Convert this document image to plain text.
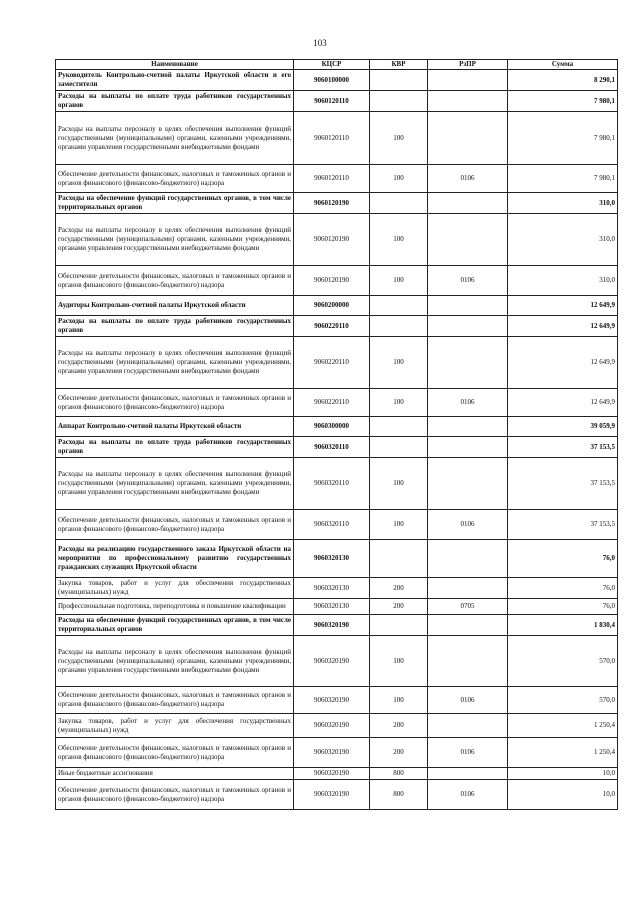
103
Наименование	КЦСР	КВР	РзПР	Сумма
Руководитель Контрольно-счетной палаты Иркутской области и его заместители	9060100000			8 290,1
Расходы на выплаты по оплате труда работников государственных органов	9060120110			7 980,1
Расходы на выплаты персоналу в целях обеспечения выполнения функций государственными (муниципальными) органами, казенными учреждениями, органами управления государственными внебюджетными фондами	9060120110	100		7 980,1
Обеспечение деятельности финансовых, налоговых и таможенных органов и органов финансового (финансово-бюджетного) надзора	9060120110	100	0106	7 980,1
Расходы на обеспечение функций государственных органов, в том числе территориальных органов	9060120190			310,0
Расходы на выплаты персоналу в целях обеспечения выполнения функций государственными (муниципальными) органами, казенными учреждениями, органами управления государственными внебюджетными фондами	9060120190	100		310,0
Обеспечение деятельности финансовых, налоговых и таможенных органов и органов финансового (финансово-бюджетного) надзора	9060120190	100	0106	310,0
Аудиторы Контрольно-счетной палаты Иркутской области	9060200000			12 649,9
Расходы на выплаты по оплате труда работников государственных органов	9060220110			12 649,9
Расходы на выплаты персоналу в целях обеспечения выполнения функций государственными (муниципальными) органами, казенными учреждениями, органами управления государственными внебюджетными фондами	9060220110	100		12 649,9
Обеспечение деятельности финансовых, налоговых и таможенных органов и органов финансового (финансово-бюджетного) надзора	9060220110	100	0106	12 649,9
Аппарат Контрольно-счетной палаты Иркутской области	9060300000			39 059,9
Расходы на выплаты по оплате труда работников государственных органов	9060320110			37 153,5
Расходы на выплаты персоналу в целях обеспечения выполнения функций государственными (муниципальными) органами, казенными учреждениями, органами управления государственными внебюджетными фондами	9060320110	100		37 153,5
Обеспечение деятельности финансовых, налоговых и таможенных органов и органов финансового (финансово-бюджетного) надзора	9060320110	100	0106	37 153,5
Расходы на реализацию государственного заказа Иркутской области на мероприятия по профессиональному развитию государственных гражданских служащих Иркутской области	9060320130			76,0
Закупка товаров, работ и услуг для обеспечения государственных (муниципальных) нужд	9060320130	200		76,0
Профессиональная подготовка, переподготовка и повышение квалификации	9060320130	200	0705	76,0
Расходы на обеспечение функций государственных органов, в том числе территориальных органов	9060320190			1 830,4
Расходы на выплаты персоналу в целях обеспечения выполнения функций государственными (муниципальными) органами, казенными учреждениями, органами управления государственными внебюджетными фондами	9060320190	100		570,0
Обеспечение деятельности финансовых, налоговых и таможенных органов и органов финансового (финансово-бюджетного) надзора	9060320190	100	0106	570,0
Закупка товаров, работ и услуг для обеспечения государственных (муниципальных) нужд	9060320190	200		1 250,4
Обеспечение деятельности финансовых, налоговых и таможенных органов и органов финансового (финансово-бюджетного) надзора	9060320190	200	0106	1 250,4
Иные бюджетные ассигнования	9060320190	800		10,0
Обеспечение деятельности финансовых, налоговых и таможенных органов и органов финансового (финансово-бюджетного) надзора	9060320190	800	0106	10,0
